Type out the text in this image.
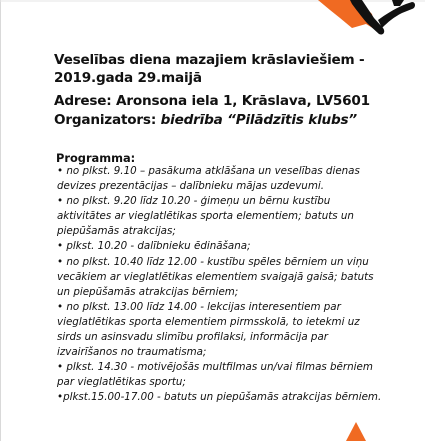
Veselības diena mazajiem krāslaviešiem -
2019.gada 29.maijā
Adrese: Aronsona iela 1, Krāslava, LV5601
Organizators: biedrība “Pilādzītis klubs”
Programma:

• no plkst. 9.10 – pasākuma atklāšana un veselības dienas devizes prezentācijas – dalībnieku mājas uzdevumi.

• no plkst. 9.20 līdz 10.20 - ģimeņu un bērnu kustību aktivitātes ar vieglatlētikas sporta elementiem; batuts un piepūšamās atrakcijas;

• plkst. 10.20 - dalībnieku ēdināšana;

• no plkst. 10.40 līdz 12.00 - kustību spēles bērniem un viņu vecākiem ar vieglatlētikas elementiem svaigajā gaisā; batuts un piepūšamās atrakcijas bērniem;

• no plkst. 13.00 līdz 14.00 - lekcijas interesentiem par vieglatlētikas sporta elementiem pirmsskolā, to ietekmi uz sirds un asinsvadu slimību profilaksi, informācija par izvairīšanos no traumatisma;

• plkst. 14.30 - motivējošās multfilmas un/vai filmas bērniem par vieglatlētikas sportu;

•plkst.15.00-17.00 - batuts un piepūšamās atrakcijas bērniem.
